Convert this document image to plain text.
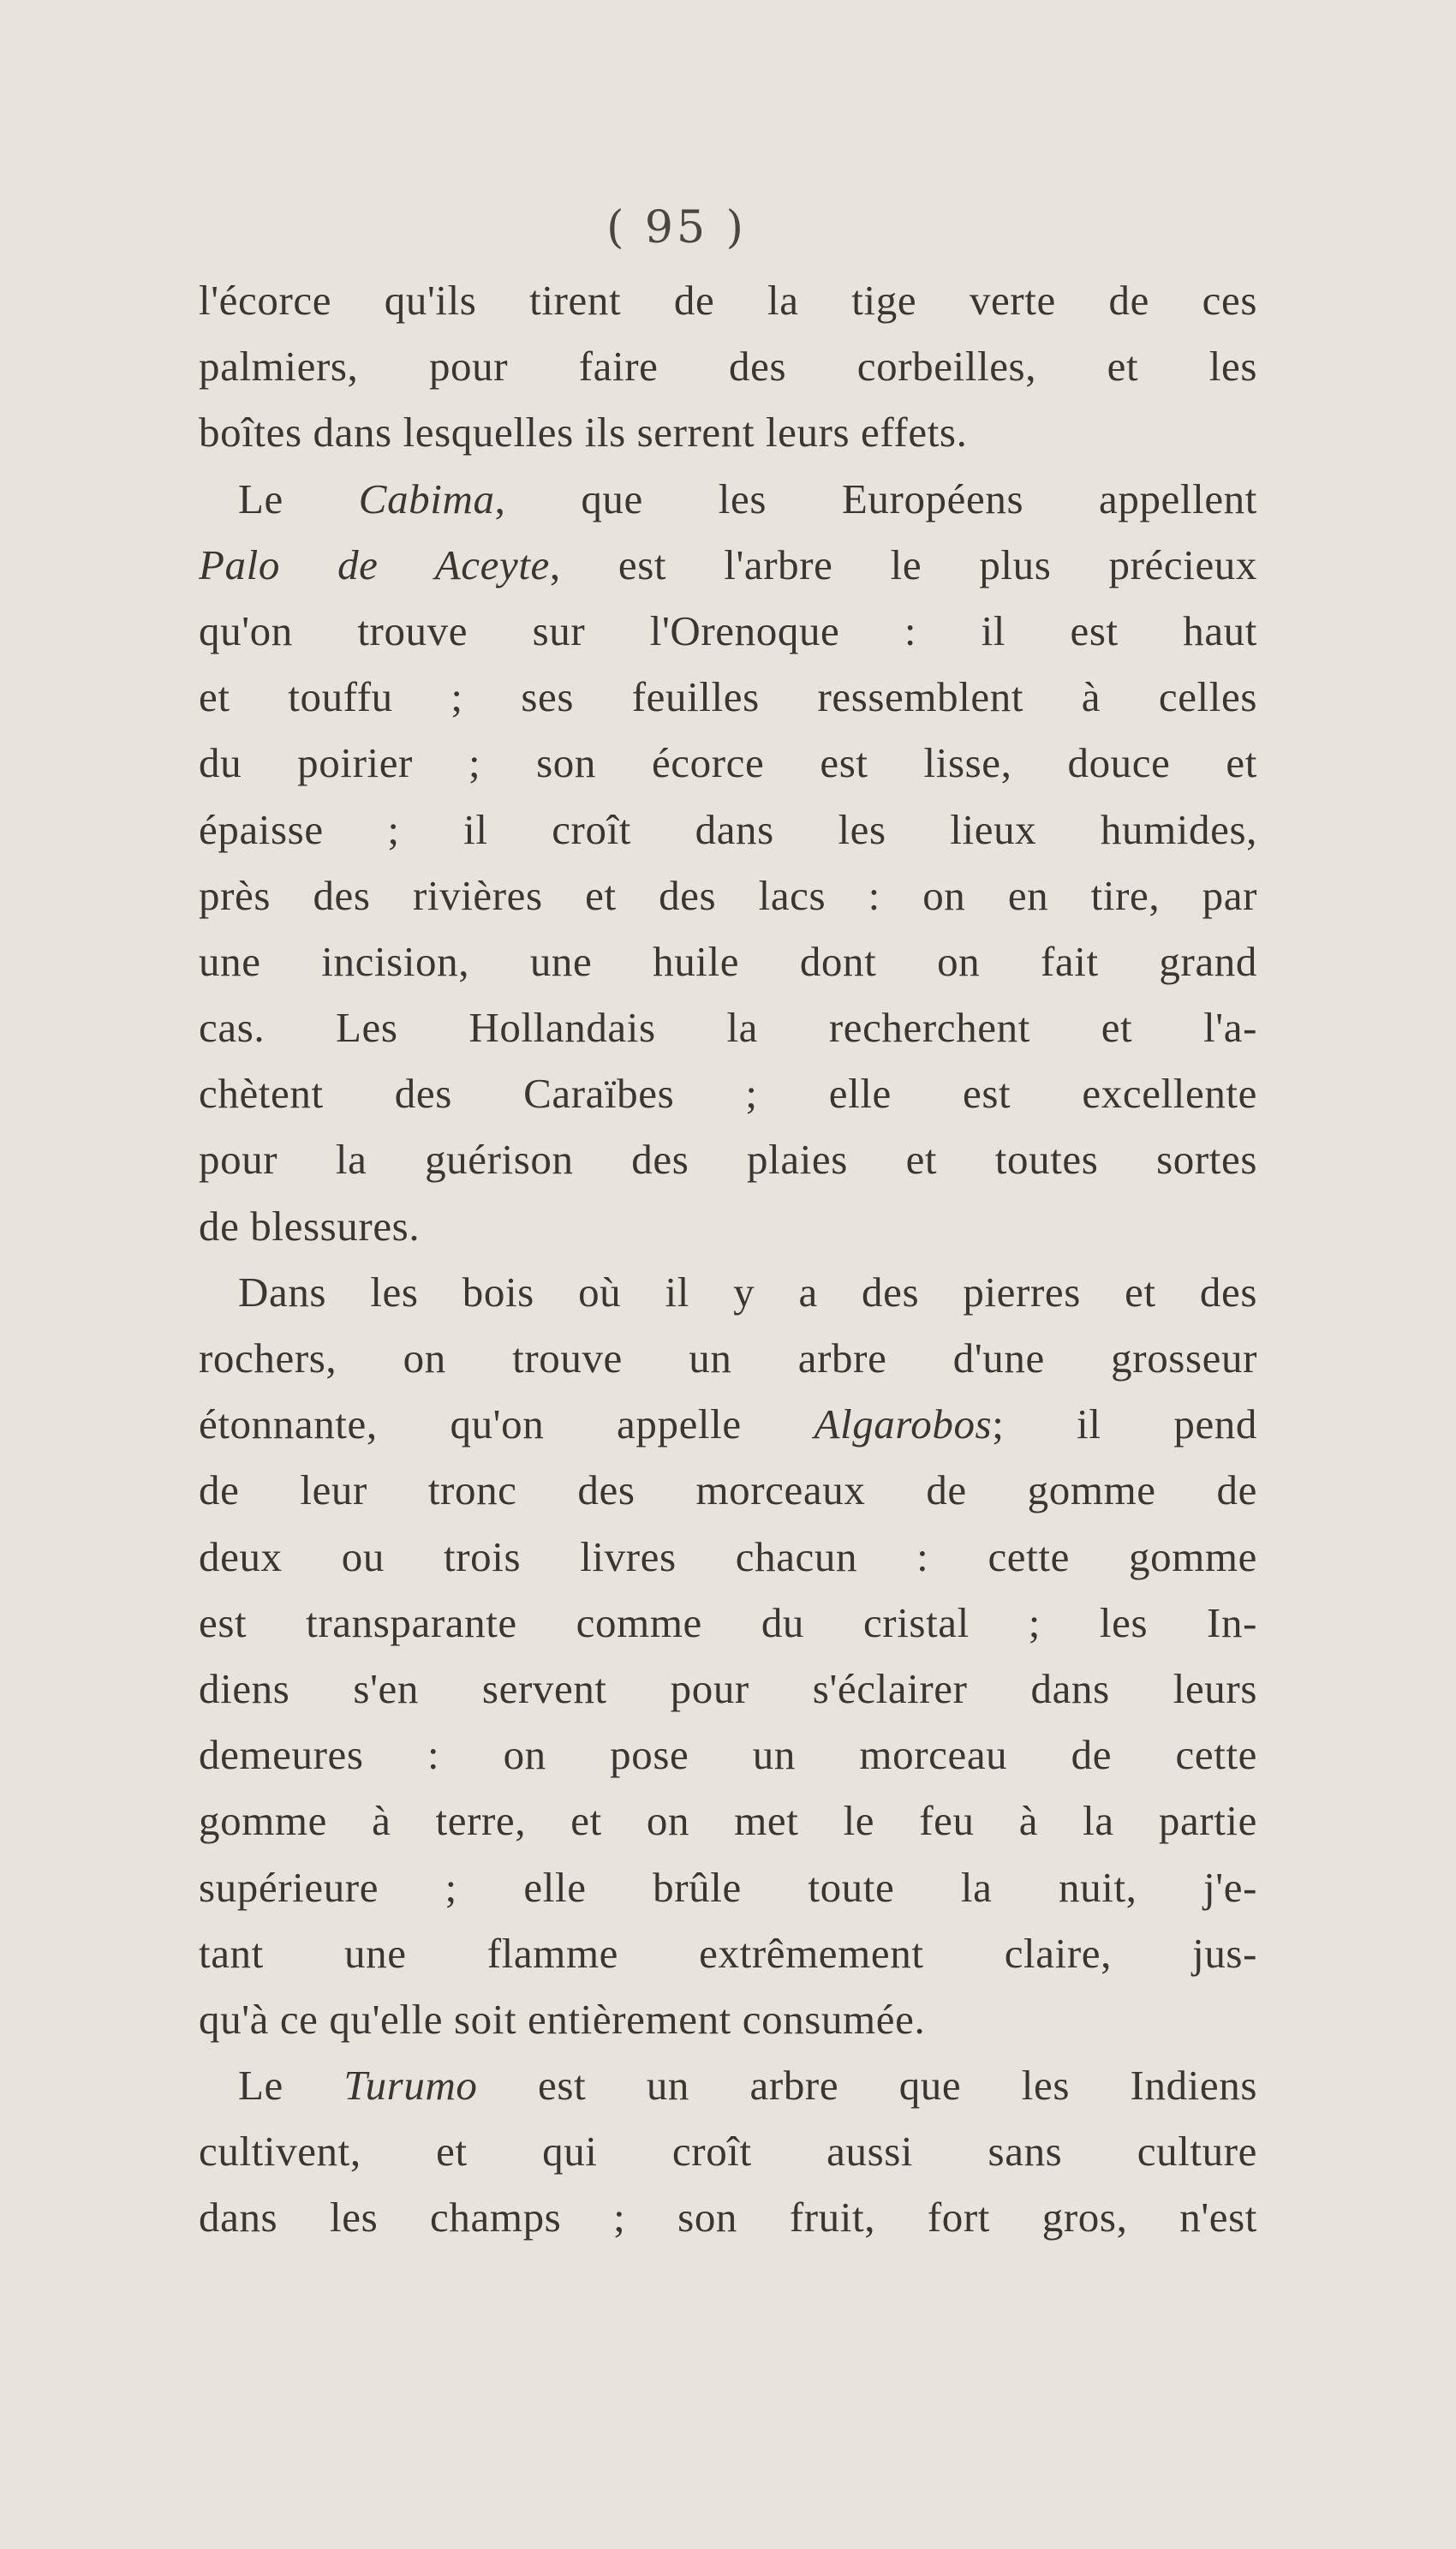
( 95 )
l'écorce qu'ils tirent de la tige verte de ces
palmiers, pour faire des corbeilles, et les
boîtes dans lesquelles ils serrent leurs effets.
Le Cabima, que les Européens appellent
Palo de Aceyte, est l'arbre le plus précieux
qu'on trouve sur l'Orenoque : il est haut
et touffu ; ses feuilles ressemblent à celles
du poirier ; son écorce est lisse, douce et
épaisse ; il croît dans les lieux humides,
près des rivières et des lacs : on en tire, par
une incision, une huile dont on fait grand
cas. Les Hollandais la recherchent et l'a-
chètent des Caraïbes ; elle est excellente
pour la guérison des plaies et toutes sortes
de blessures.
Dans les bois où il y a des pierres et des
rochers, on trouve un arbre d'une grosseur
étonnante, qu'on appelle Algarobos; il pend
de leur tronc des morceaux de gomme de
deux ou trois livres chacun : cette gomme
est transparante comme du cristal ; les In-
diens s'en servent pour s'éclairer dans leurs
demeures : on pose un morceau de cette
gomme à terre, et on met le feu à la partie
supérieure ; elle brûle toute la nuit, j'e-
tant une flamme extrêmement claire, jus-
qu'à ce qu'elle soit entièrement consumée.
Le Turumo est un arbre que les Indiens
cultivent, et qui croît aussi sans culture
dans les champs ; son fruit, fort gros, n'est
